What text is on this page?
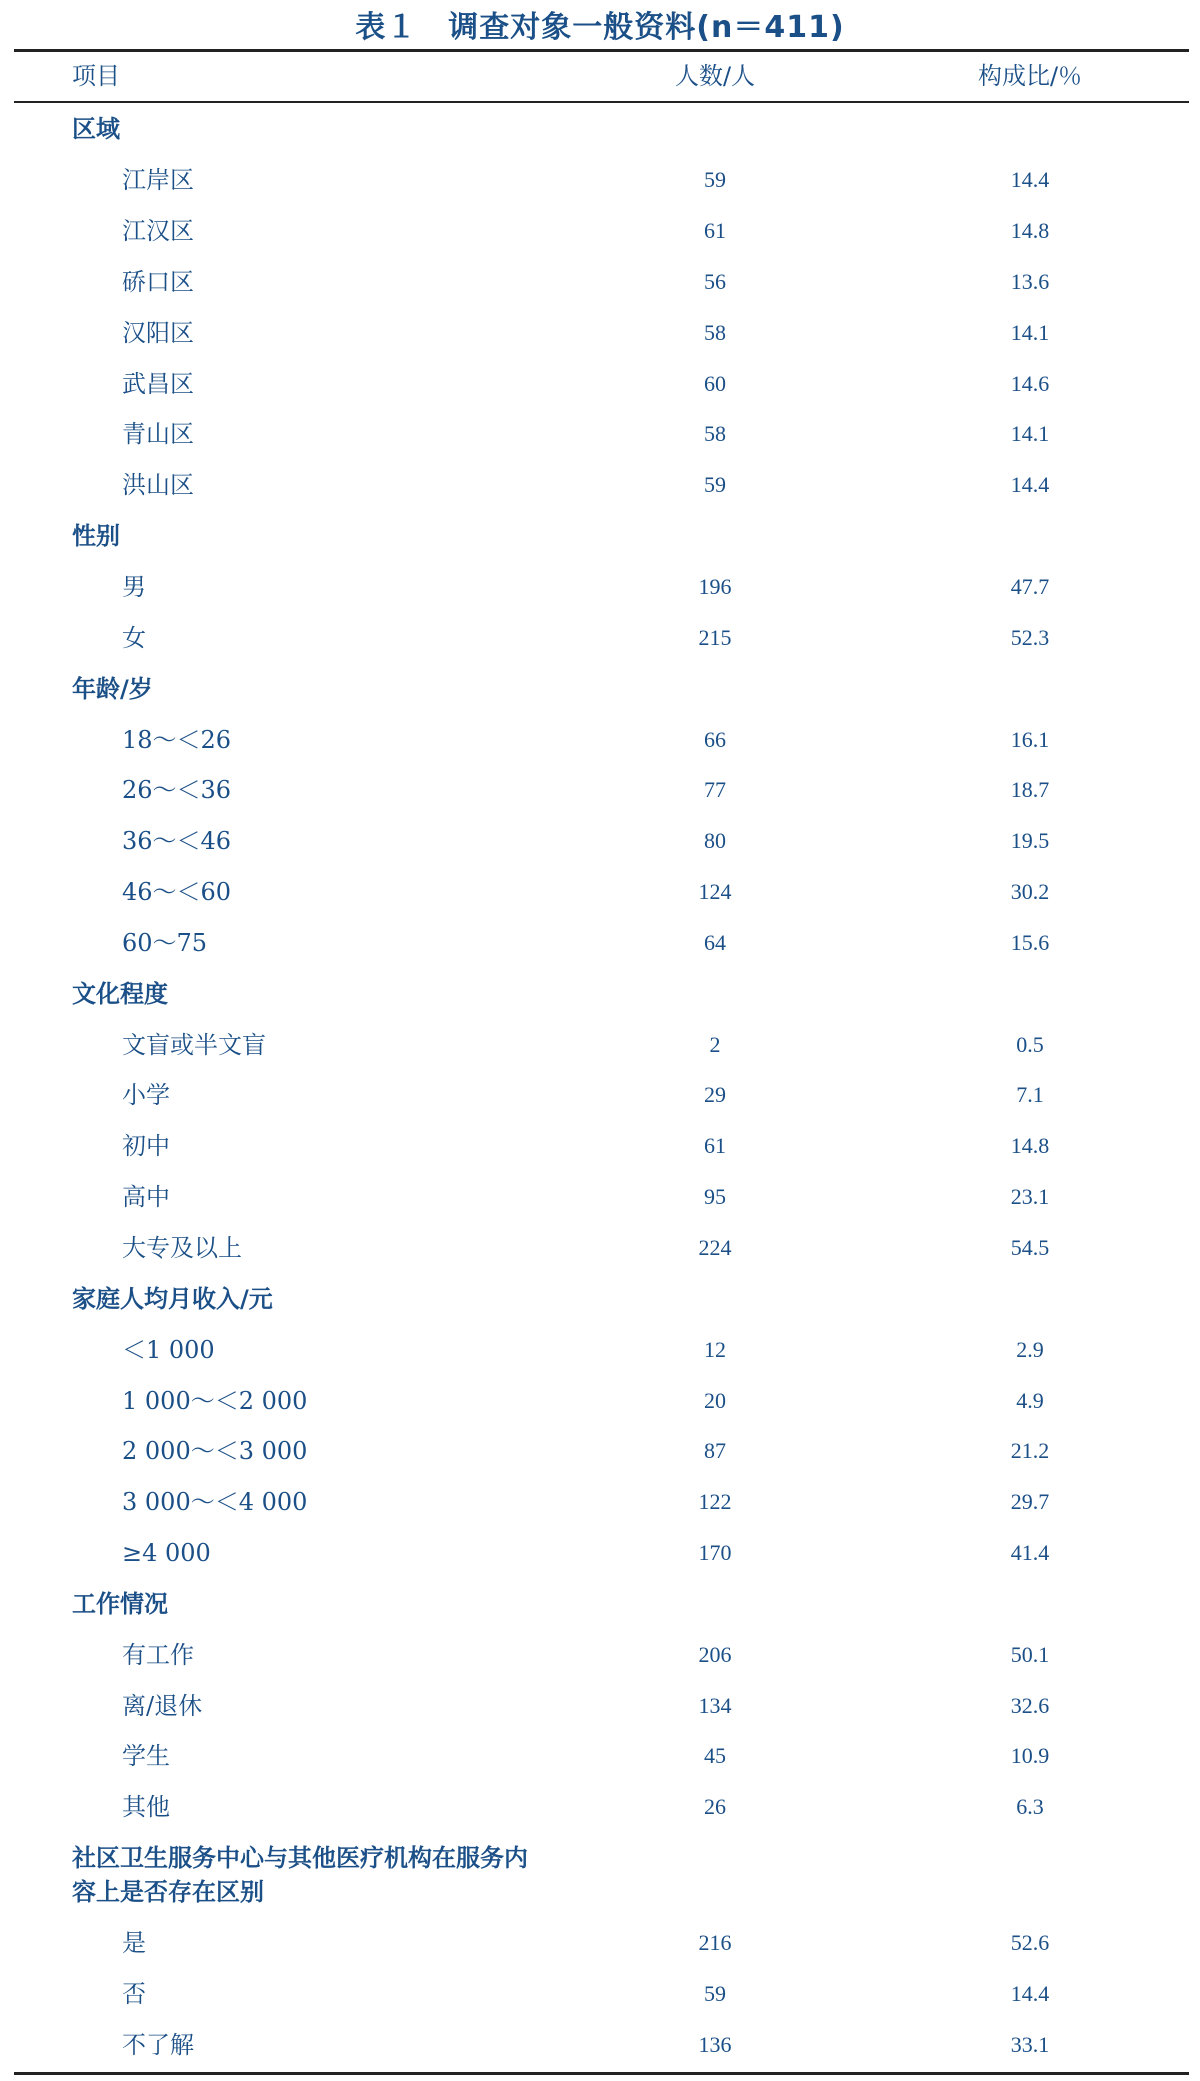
表１　调查对象一般资料(n＝411)
项目	人数/人	构成比/％
区域
江岸区	59	14.4
江汉区	61	14.8
硚口区	56	13.6
汉阳区	58	14.1
武昌区	60	14.6
青山区	58	14.1
洪山区	59	14.4
性别
男	196	47.7
女	215	52.3
年龄/岁
18～＜26	66	16.1
26～＜36	77	18.7
36～＜46	80	19.5
46～＜60	124	30.2
60～75	64	15.6
文化程度
文盲或半文盲	2	0.5
小学	29	7.1
初中	61	14.8
高中	95	23.1
大专及以上	224	54.5
家庭人均月收入/元
＜1 000	12	2.9
1 000～＜2 000	20	4.9
2 000～＜3 000	87	21.2
3 000～＜4 000	122	29.7
≥4 000	170	41.4
工作情况
有工作	206	50.1
离/退休	134	32.6
学生	45	10.9
其他	26	6.3
社区卫生服务中心与其他医疗机构在服务内容上是否存在区别
是	216	52.6
否	59	14.4
不了解	136	33.1
